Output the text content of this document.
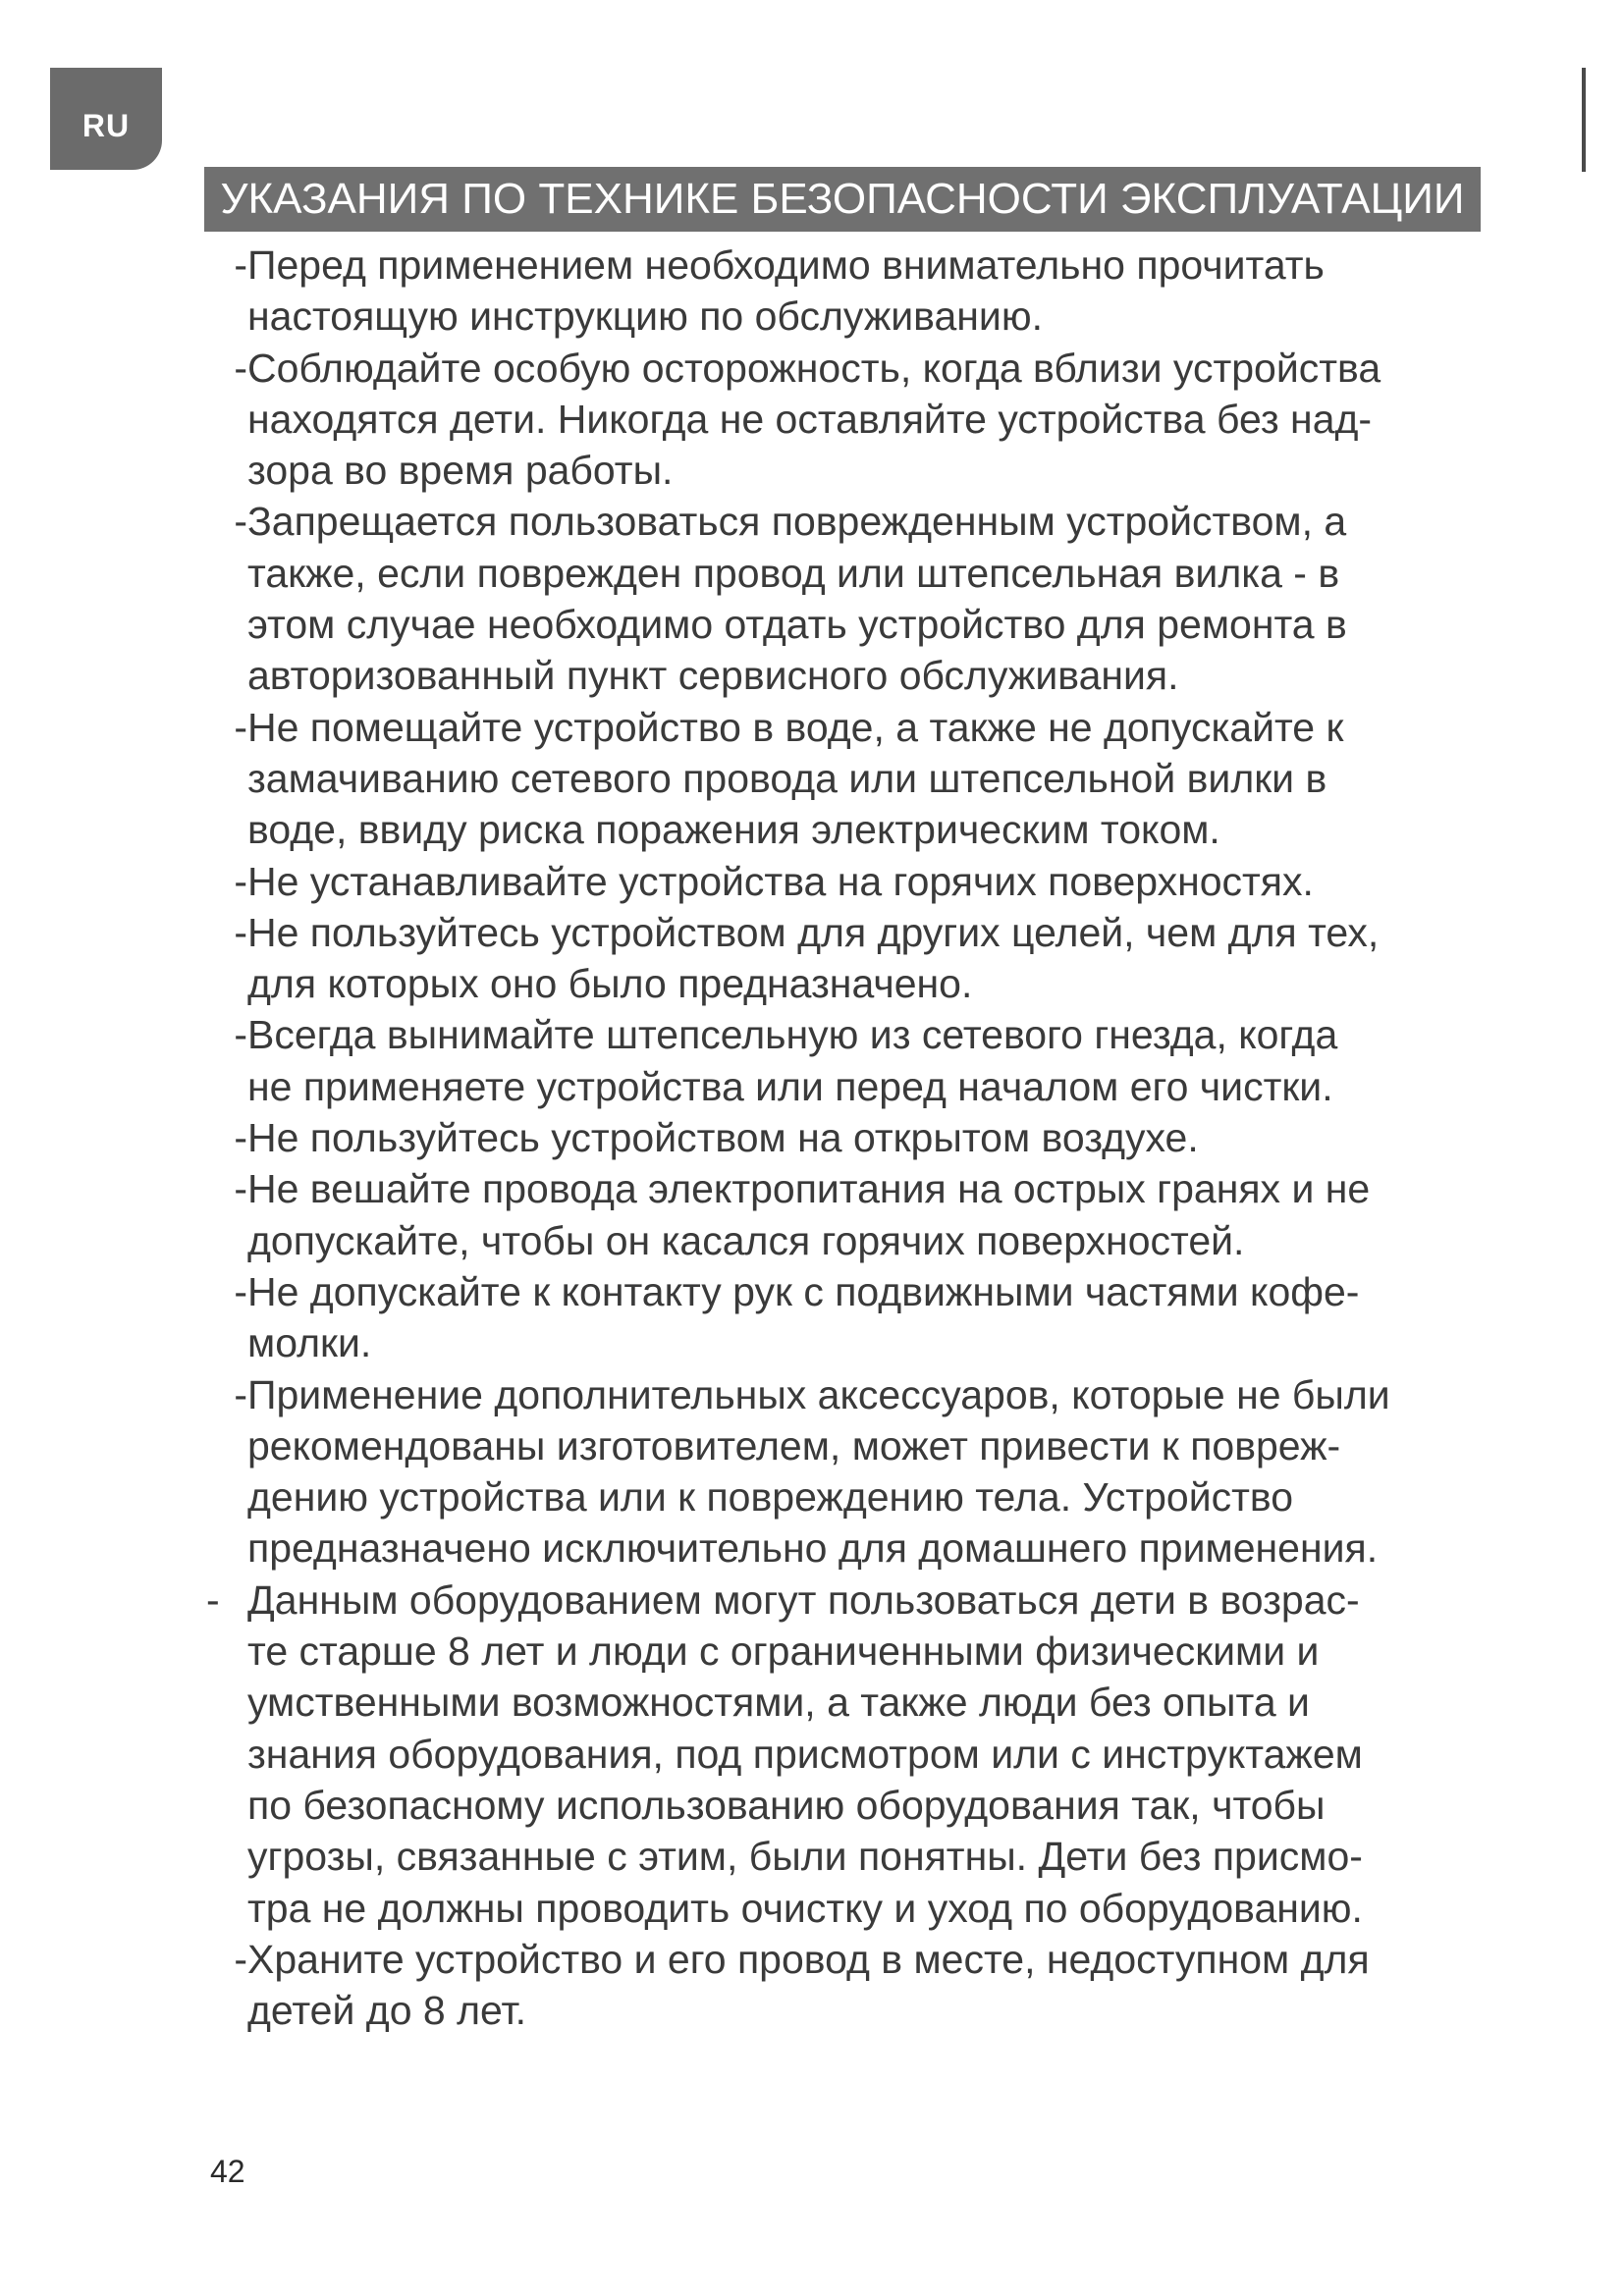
RU
УКАЗАНИЯ ПО ТЕХНИКЕ БЕЗОПАСНОСТИ ЭКСПЛУАТАЦИИ
- Перед применением необходимо внимательно прочитать
настоящую инструкцию по обслуживанию.
- Соблюдайте особую осторожность, когда вблизи устройства
находятся дети. Никогда не оставляйте устройства без над-
зора во время работы.
- Запрещается пользоваться поврежденным устройством, а
также, если поврежден провод или штепсельная вилка - в
этом случае необходимо отдать устройство для ремонта в
авторизованный пункт сервисного обслуживания.
- Не помещайте устройство в воде, а также не допускайте к
замачиванию сетевого провода или штепсельной вилки в
воде, ввиду риска поражения электрическим током.
- Не устанавливайте устройства на горячих поверхностях.
- Не пользуйтесь устройством для других целей, чем для тех,
для которых оно было предназначено.
- Всегда вынимайте штепсельную из сетевого гнезда, когда
не применяете устройства или перед началом его чистки.
- Не пользуйтесь устройством на открытом воздухе.
- Не вешайте провода электропитания на острых гранях и не
допускайте, чтобы он касался горячих поверхностей.
- Не допускайте к контакту рук с подвижными частями кофе-
молки.
- Применение дополнительных аксессуаров, которые не были
рекомендованы изготовителем, может привести к повреж-
дению устройства или к повреждению тела. Устройство
предназначено исключительно для домашнего применения.
- Данным оборудованием могут пользоваться дети в возрас-
те старше 8 лет и люди с ограниченными физическими и
умственными возможностями, а также люди без опыта и
знания оборудования, под присмотром или с инструктажем
по безопасному использованию оборудования так, чтобы
угрозы, связанные с этим, были понятны. Дети без присмо-
тра не должны проводить очистку и уход по оборудованию.
- Храните устройство и его провод в месте, недоступном для
детей до 8 лет.
42
